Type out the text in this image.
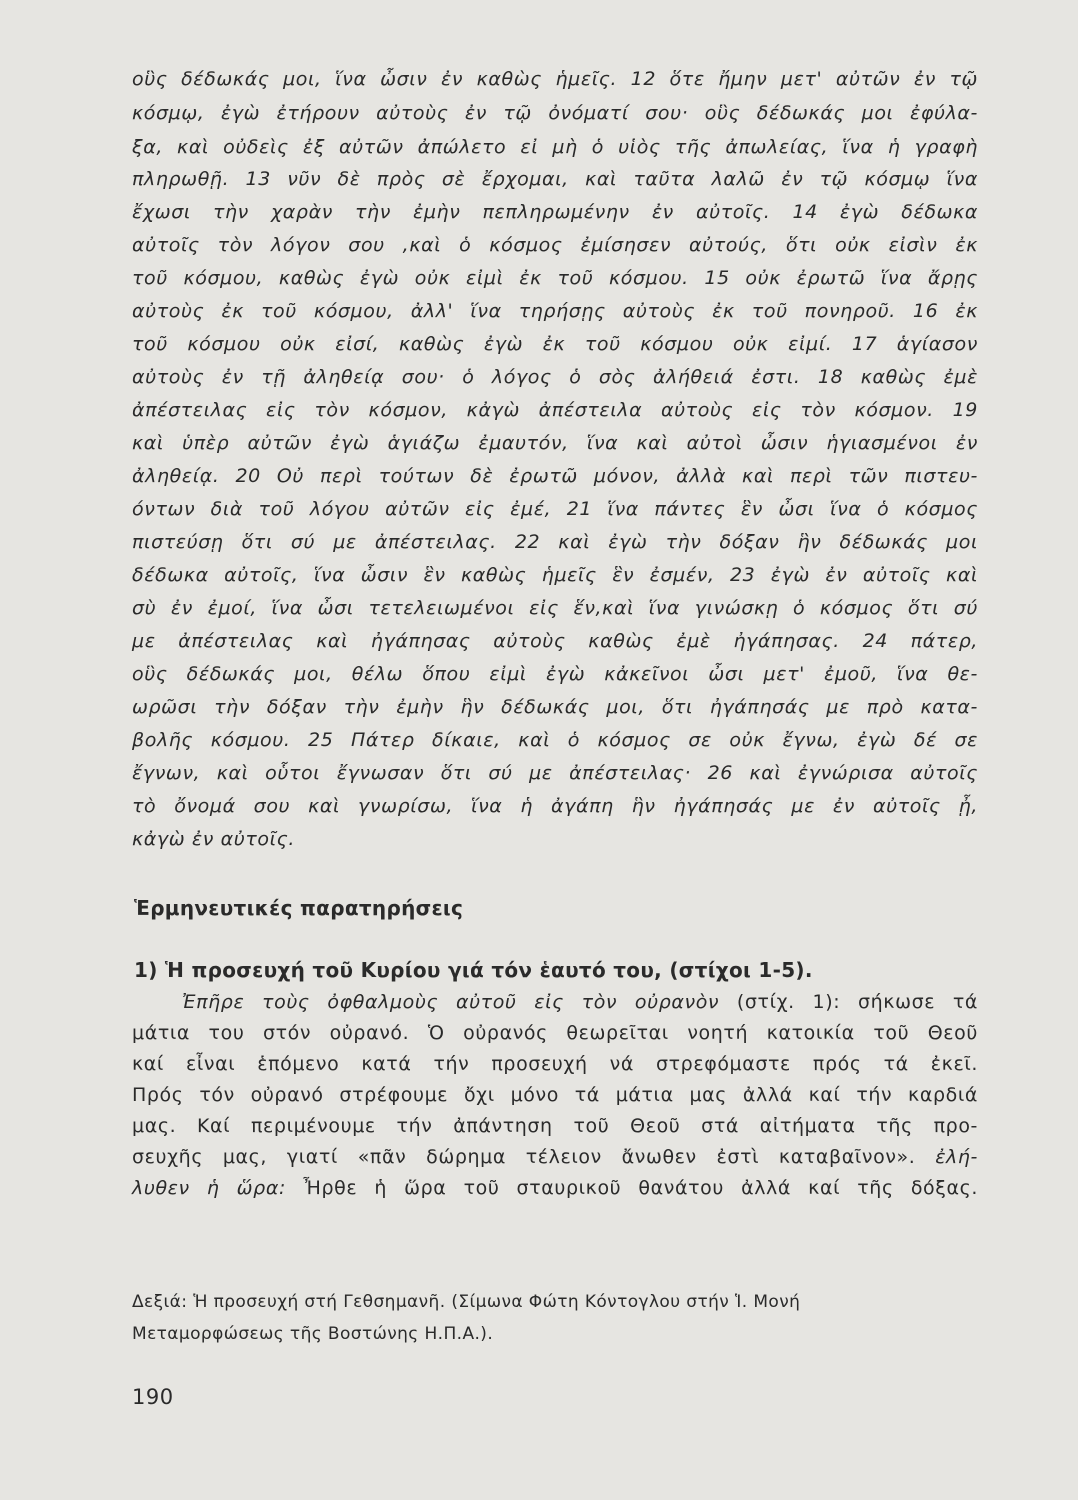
οὓς δέδωκάς μοι, ἵνα ὦσιν ἐν καθὼς ἡμεῖς. 12 ὅτε ἤμην μετ' αὐτῶν ἐν τῷ
κόσμῳ, ἐγὼ ἐτήρουν αὐτοὺς ἐν τῷ ὀνόματί σου· οὓς δέδωκάς μοι ἐφύλα-
ξα, καὶ οὐδεὶς ἐξ αὐτῶν ἀπώλετο εἰ μὴ ὁ υἱὸς τῆς ἀπωλείας, ἵνα ἡ γραφὴ
πληρωθῇ. 13 νῦν δὲ πρὸς σὲ ἔρχομαι, καὶ ταῦτα λαλῶ ἐν τῷ κόσμῳ ἵνα
ἔχωσι τὴν χαρὰν τὴν ἐμὴν πεπληρωμένην ἐν αὐτοῖς. 14 ἐγὼ δέδωκα
αὐτοῖς τὸν λόγον σου ,καὶ ὁ κόσμος ἐμίσησεν αὐτούς, ὅτι οὐκ εἰσὶν ἐκ
τοῦ κόσμου, καθὼς ἐγὼ οὐκ εἰμὶ ἐκ τοῦ κόσμου. 15 οὐκ ἐρωτῶ ἵνα ἄρῃς
αὐτοὺς ἐκ τοῦ κόσμου, ἀλλ' ἵνα τηρήσῃς αὐτοὺς ἐκ τοῦ πονηροῦ. 16 ἐκ
τοῦ κόσμου οὐκ εἰσί, καθὼς ἐγὼ ἐκ τοῦ κόσμου οὐκ εἰμί. 17 ἁγίασον
αὐτοὺς ἐν τῇ ἀληθείᾳ σου· ὁ λόγος ὁ σὸς ἀλήθειά ἐστι. 18 καθὼς ἐμὲ
ἀπέστειλας εἰς τὸν κόσμον, κἀγὼ ἀπέστειλα αὐτοὺς εἰς τὸν κόσμον. 19
καὶ ὑπὲρ αὐτῶν ἐγὼ ἁγιάζω ἐμαυτόν, ἵνα καὶ αὐτοὶ ὦσιν ἡγιασμένοι ἐν
ἀληθείᾳ. 20 Οὐ περὶ τούτων δὲ ἐρωτῶ μόνον, ἀλλὰ καὶ περὶ τῶν πιστευ-
όντων διὰ τοῦ λόγου αὐτῶν εἰς ἐμέ, 21 ἵνα πάντες ἓν ὦσι ἵνα ὁ κόσμος
πιστεύσῃ ὅτι σύ με ἀπέστειλας. 22 καὶ ἐγὼ τὴν δόξαν ἣν δέδωκάς μοι
δέδωκα αὐτοῖς, ἵνα ὦσιν ἓν καθὼς ἡμεῖς ἓν ἐσμέν, 23 ἐγὼ ἐν αὐτοῖς καὶ
σὺ ἐν ἐμοί, ἵνα ὦσι τετελειωμένοι εἰς ἕν,καὶ ἵνα γινώσκῃ ὁ κόσμος ὅτι σύ
με ἀπέστειλας καὶ ἠγάπησας αὐτοὺς καθὼς ἐμὲ ἠγάπησας. 24 πάτερ,
οὓς δέδωκάς μοι, θέλω ὅπου εἰμὶ ἐγὼ κἀκεῖνοι ὦσι μετ' ἐμοῦ, ἵνα θε-
ωρῶσι τὴν δόξαν τὴν ἐμὴν ἣν δέδωκάς μοι, ὅτι ἠγάπησάς με πρὸ κατα-
βολῆς κόσμου. 25 Πάτερ δίκαιε, καὶ ὁ κόσμος σε οὐκ ἔγνω, ἐγὼ δέ σε
ἔγνων, καὶ οὗτοι ἔγνωσαν ὅτι σύ με ἀπέστειλας· 26 καὶ ἐγνώρισα αὐτοῖς
τὸ ὄνομά σου καὶ γνωρίσω, ἵνα ἡ ἀγάπη ἣν ἠγάπησάς με ἐν αὐτοῖς ᾖ,
κἀγὼ ἐν αὐτοῖς.
Ἑρμηνευτικές παρατηρήσεις
1) Ἡ προσευχή τοῦ Κυρίου γιά τόν ἑαυτό του, (στίχοι 1-5).
Ἐπῆρε τοὺς ὀφθαλμοὺς αὐτοῦ εἰς τὸν οὐρανὸν (στίχ. 1): σήκωσε τά
μάτια του στόν οὐρανό. Ὁ οὐρανός θεωρεῖται νοητή κατοικία τοῦ Θεοῦ
καί εἶναι ἑπόμενο κατά τήν προσευχή νά στρεφόμαστε πρός τά ἐκεῖ.
Πρός τόν οὐρανό στρέφουμε ὄχι μόνο τά μάτια μας ἀλλά καί τήν καρδιά
μας. Καί περιμένουμε τήν ἀπάντηση τοῦ Θεοῦ στά αἰτήματα τῆς προ-
σευχῆς μας, γιατί «πᾶν δώρημα τέλειον ἄνωθεν ἐστὶ καταβαῖνον». ἐλή-
λυθεν ἡ ὥρα: Ἦρθε ἡ ὥρα τοῦ σταυρικοῦ θανάτου ἀλλά καί τῆς δόξας.
Δεξιά: Ἡ προσευχή στή Γεθσημανῆ. (Σίμωνα Φώτη Κόντογλου στήν Ἱ. Μονή
Μεταμορφώσεως τῆς Βοστώνης Η.Π.Α.).
190
